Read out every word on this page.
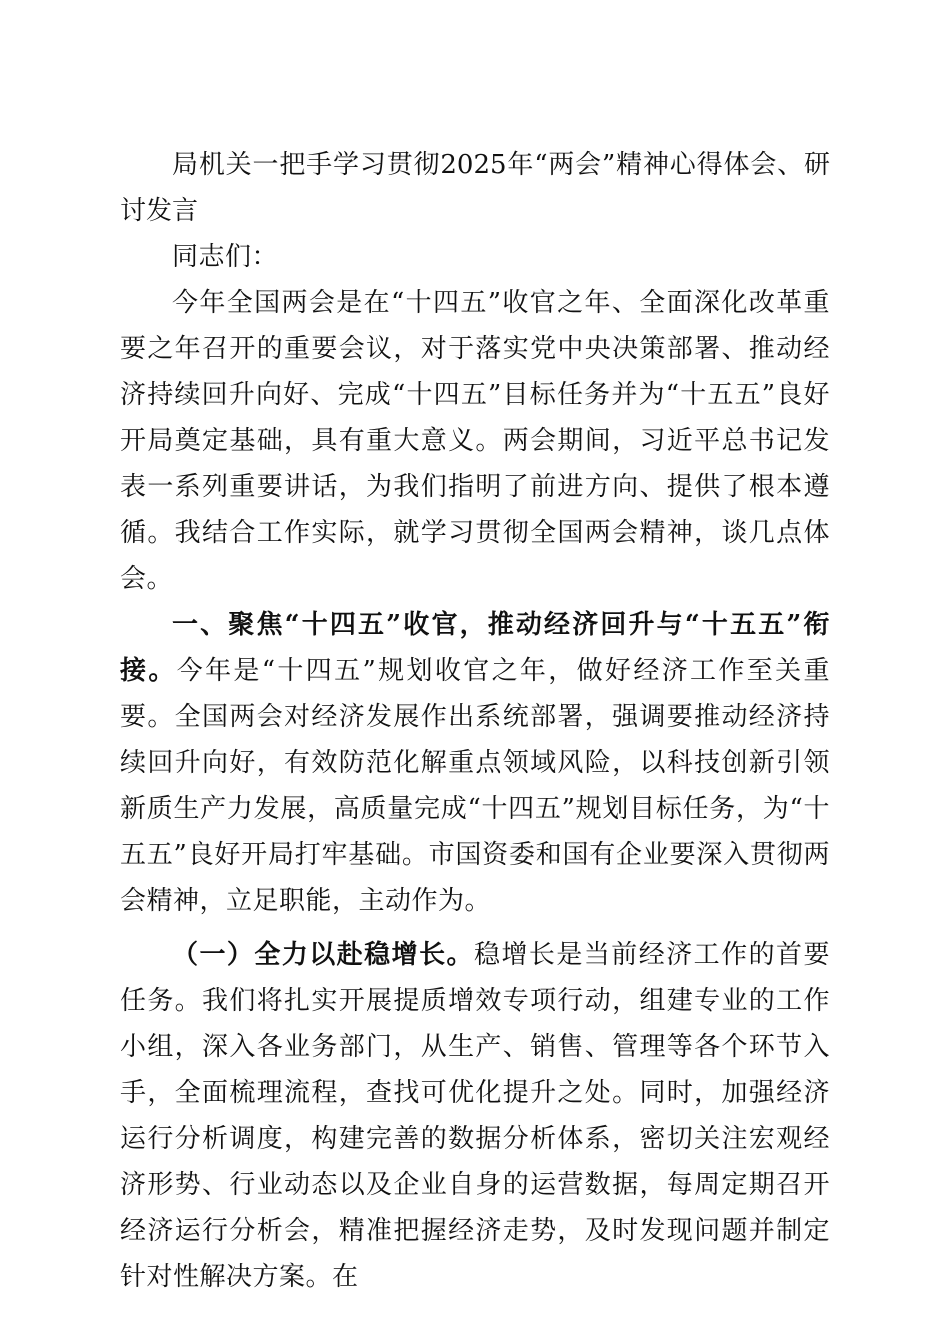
局机关一把手学习贯彻2025年“两会”精神心得体会、研讨发言

同志们：

今年全国两会是在“十四五”收官之年、全面深化改革重要之年召开的重要会议，对于落实党中央决策部署、推动经济持续回升向好、完成“十四五”目标任务并为“十五五”良好开局奠定基础，具有重大意义。两会期间，习近平总书记发表一系列重要讲话，为我们指明了前进方向、提供了根本遵循。我结合工作实际，就学习贯彻全国两会精神，谈几点体会。

一、聚焦“十四五”收官，推动经济回升与“十五五”衔接。今年是“十四五”规划收官之年，做好经济工作至关重要。全国两会对经济发展作出系统部署，强调要推动经济持续回升向好，有效防范化解重点领域风险，以科技创新引领新质生产力发展，高质量完成“十四五”规划目标任务，为“十五五”良好开局打牢基础。市国资委和国有企业要深入贯彻两会精神，立足职能，主动作为。

（一）全力以赴稳增长。稳增长是当前经济工作的首要任务。我们将扎实开展提质增效专项行动，组建专业的工作小组，深入各业务部门，从生产、销售、管理等各个环节入手，全面梳理流程，查找可优化提升之处。同时，加强经济运行分析调度，构建完善的数据分析体系，密切关注宏观经济形势、行业动态以及企业自身的运营数据，每周定期召开经济运行分析会，精准把握经济走势，及时发现问题并制定针对性解决方案。在
